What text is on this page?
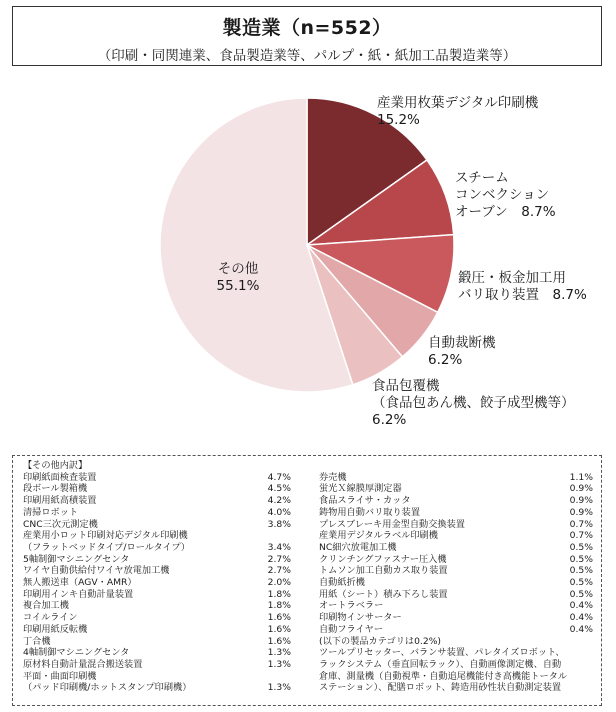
製造業（n=552）
（印刷・同関連業、食品製造業等、パルプ・紙・紙加工品製造業等）
産業用枚葉デジタル印刷機 15.2%
スチームコンベクションオーブン　8.7%
鍛圧・板金加工用バリ取り装置　8.7%
自動裁断機 6.2%
食品包覆機（食品包あん機、餃子成型機等） 6.2%
その他 55.1%
【その他内訳】
印刷紙面検査装置	4.7%
段ボール製箱機	4.5%
印刷用紙高積装置	4.2%
清掃ロボット	4.0%
CNC三次元測定機	3.8%
産業用小ロット印刷対応デジタル印刷機
（フラットベッドタイプ/ロールタイプ）	3.4%
5軸制御マシニングセンタ	2.7%
ワイヤ自動供給付ワイヤ放電加工機	2.7%
無人搬送車（AGV・AMR）	2.0%
印刷用インキ自動計量装置	1.8%
複合加工機	1.8%
コイルライン	1.6%
印刷用紙反転機	1.6%
丁合機	1.6%
4軸制御マシニングセンタ	1.3%
原材料自動計量混合搬送装置	1.3%
平面・曲面印刷機
（パッド印刷機/ホットスタンプ印刷機）	1.3%
券売機	1.1%
蛍光Ｘ線膜厚測定器	0.9%
食品スライサ・カッタ	0.9%
鋳物用自動バリ取り装置	0.9%
プレスブレーキ用金型自動交換装置	0.7%
産業用デジタルラベル印刷機	0.7%
NC細穴放電加工機	0.5%
クリンチングファスナー圧入機	0.5%
トムソン加工自動カス取り装置	0.5%
自動紙折機	0.5%
用紙（シート）積み下ろし装置	0.5%
オートラベラー	0.4%
印刷物インサーター	0.4%
自動フライヤー	0.4%
(以下の製品カテゴリは0.2%)
ツールプリセッター、バランサ装置、パレタイズロボット、
ラックシステム（垂直回転ラック）、自動画像測定機、自動
倉庫、測量機（自動視準・自動追尾機能付き高機能トータル
ステーション）、配膳ロボット、鋳造用砂性状自動測定装置
